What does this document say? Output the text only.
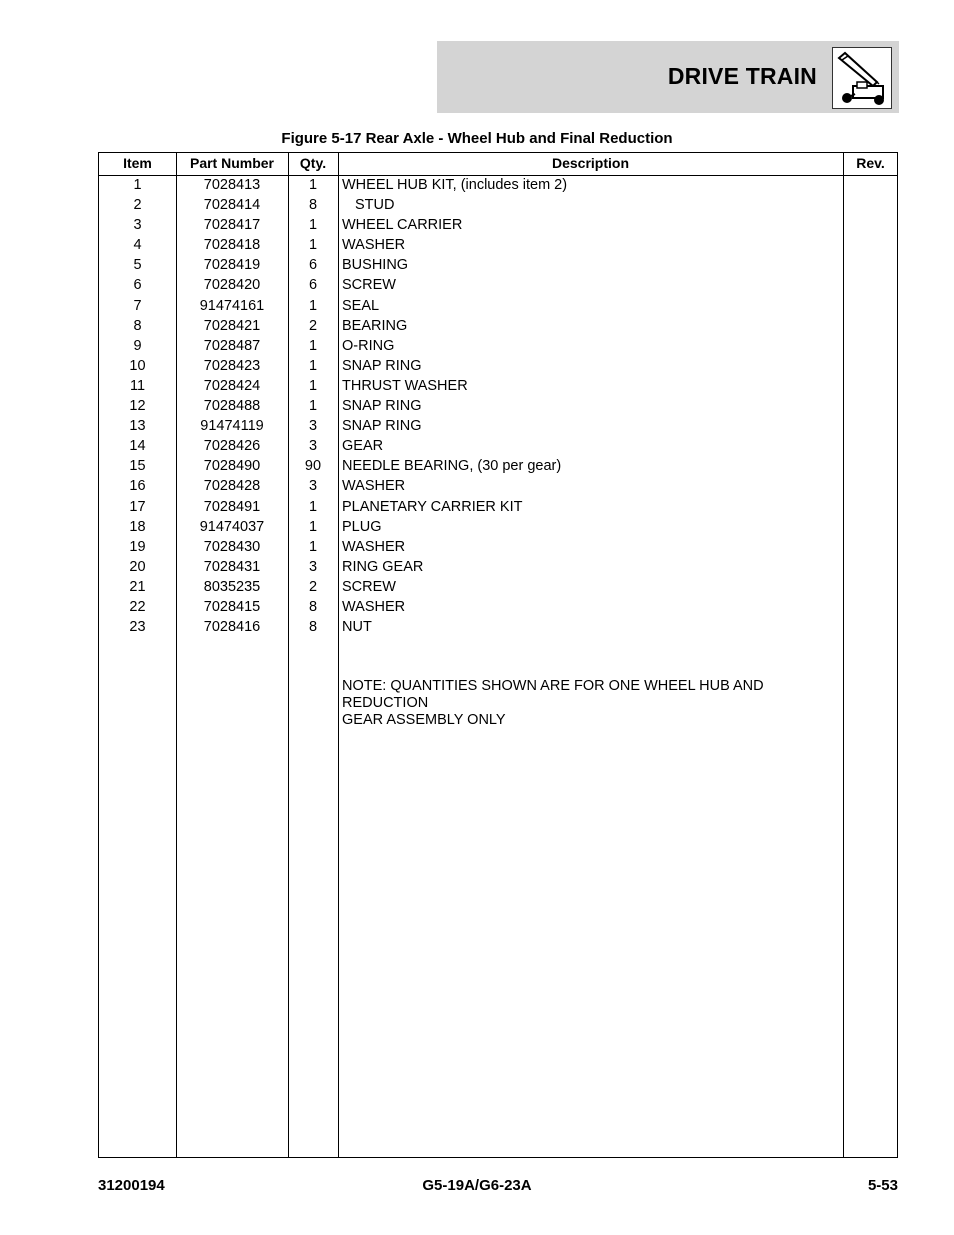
DRIVE TRAIN
Figure 5-17 Rear Axle - Wheel Hub and Final Reduction
Item	Part Number	Qty.	Description	Rev.
1	7028413	1	WHEEL HUB KIT, (includes item 2)
2	7028414	8	STUD
3	7028417	1	WHEEL CARRIER
4	7028418	1	WASHER
5	7028419	6	BUSHING
6	7028420	6	SCREW
7	91474161	1	SEAL
8	7028421	2	BEARING
9	7028487	1	O-RING
10	7028423	1	SNAP RING
11	7028424	1	THRUST WASHER
12	7028488	1	SNAP RING
13	91474119	3	SNAP RING
14	7028426	3	GEAR
15	7028490	90	NEEDLE BEARING, (30 per gear)
16	7028428	3	WASHER
17	7028491	1	PLANETARY CARRIER KIT
18	91474037	1	PLUG
19	7028430	1	WASHER
20	7028431	3	RING GEAR
21	8035235	2	SCREW
22	7028415	8	WASHER
23	7028416	8	NUT
NOTE: QUANTITIES SHOWN ARE FOR ONE WHEEL HUB AND REDUCTION
GEAR ASSEMBLY ONLY
31200194	G5-19A/G6-23A	5-53
